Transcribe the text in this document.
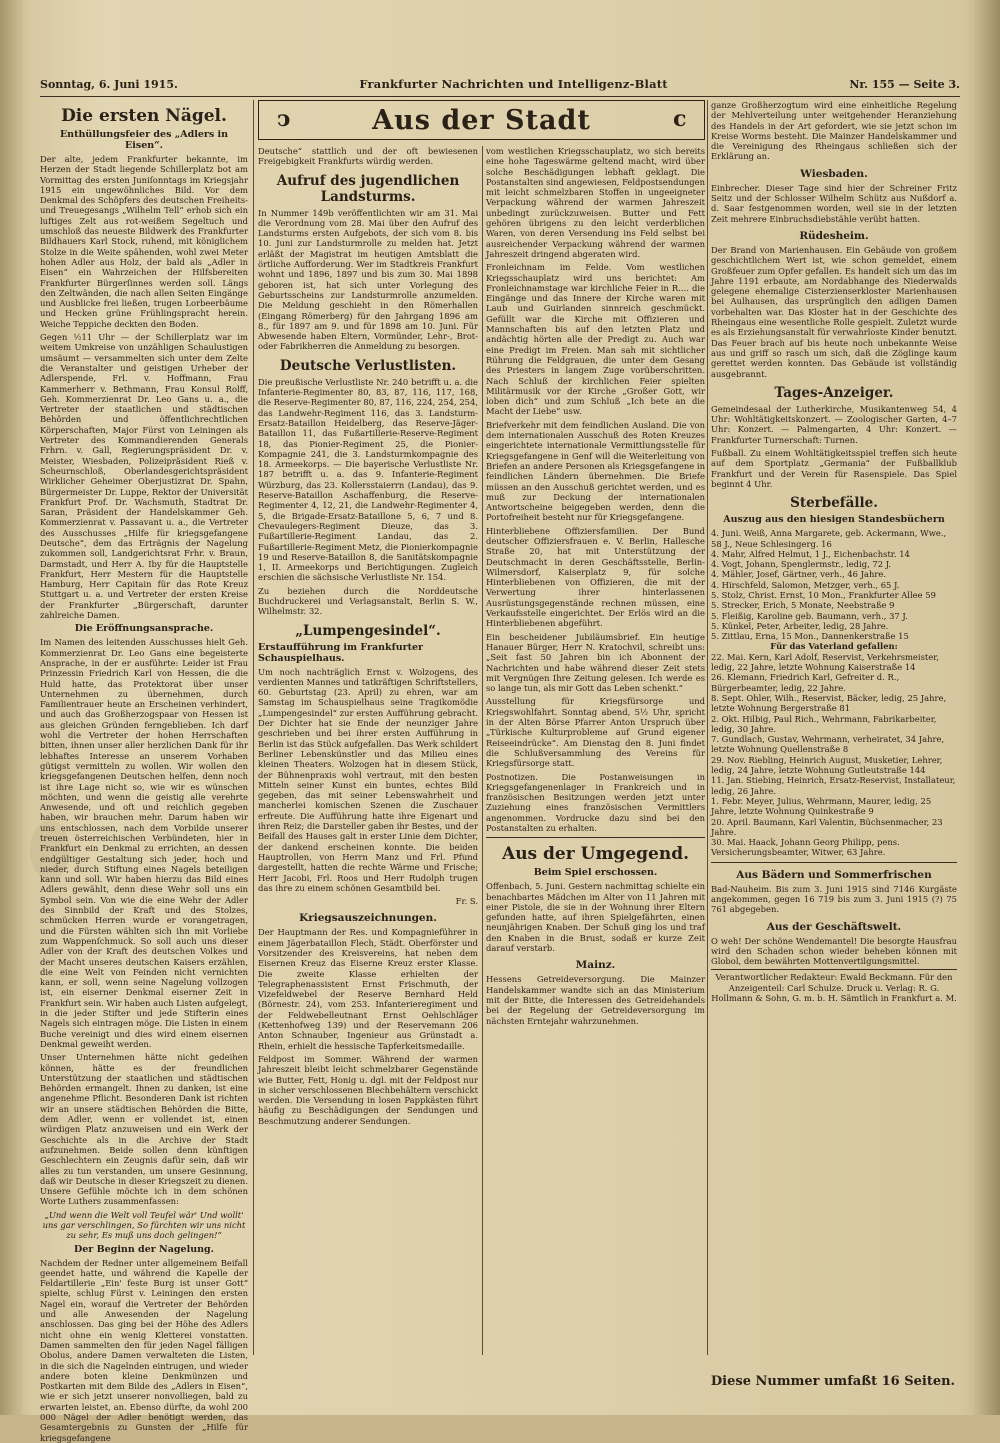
Sonntag, 6. Juni 1915.	Frankfurter Nachrichten und Intelligenz-Blatt	Nr. 155 — Seite 3.
Die ersten Nägel.
Enthüllungsfeier des „Adlers in Eisen“.

Der alte, jedem Frankfurter bekannte, im Herzen der Stadt liegende Schillerplatz bot am Vormittag des ersten Juniſonntags im Kriegsjahr 1915 ein ungewöhnliches Bild. Vor dem Denkmal des Schöpfers des deutschen Freiheits- und Treuegesangs „Wilhelm Tell“ erhob sich ein luftiges Zelt aus rot-weißem Segeltuch und umschloß das neueste Bildwerk des Frankfurter Bildhauers Karl Stock, ruhend, mit königlichem Stolze in die Weite spähenden, wohl zwei Meter hohen Adler aus Holz, der bald als „Adler in Eisen“ ein Wahrzeichen der Hilfsbereiten Frankfurter Bürgerſinnes werden soll. Längs den Zeltwänden, die nach allen Seiten Eingänge und Ausblicke frei ließen, trugen Lorbeerbäume und Hecken grüne Frühlingspracht herein. Weiche Teppiche deckten den Boden.

Gegen ½11 Uhr — der Schillerplatz war im weitem Umkreise von unzähligen Schaulustigen umsäumt — versammelten sich unter dem Zelte die Veranstalter und geistigen Urheber der Adlerspende, Frl. v. Hoffmann, Frau Kammerherr v. Bethmann, Frau Konsul Rolff, Geh. Kommerzienrat Dr. Leo Gans u. a., die Vertreter der staatlichen und städtischen Behörden und öffentlichrechtlichen Körperschaften, Major Fürst von Leiningen als Vertreter des Kommandierenden Generals Frhrn. v. Gall, Regierungspräsident Dr. v. Meister, Wiesbaden, Polizeipräsident Rieß v. Scheurnschloß, Oberlandesgerichtspräsident Wirklicher Geheimer Oberjustizrat Dr. Spahn, Bürgermeister Dr. Luppe, Rektor der Universität Frankfurt Prof. Dr. Wachsmuth, Stadtrat Dr. Saran, Präsident der Handelskammer Geh. Kommerzienrat v. Passavant u. a., die Vertreter des Ausschusses „Hilfe für kriegsgefangene Deutsche“, dem das Erträgnis der Nagelung zukommen soll, Landgerichtsrat Frhr. v. Braun, Darmstadt, und Herr A. Iby für die Hauptstelle Frankfurt, Herr Mestern für die Hauptstelle Hamburg, Herr Capitain für das Rote Kreuz Stuttgart u. a. und Vertreter der ersten Kreise der Frankfurter „Bürgerschaft, darunter zahlreiche Damen.

Die Eröffnungsansprache.

Im Namen des leitenden Ausschusses hielt Geh. Kommerzienrat Dr. Leo Gans eine begeisterte Ansprache, in der er ausführte: Leider ist Frau Prinzessin Friedrich Karl von Hessen, die die Huld hatte, das Protektorat über unser Unternehmen zu übernehmen, durch Familientrauer heute an Erscheinen verhindert, und auch das Großherzogspaar von Hessen ist aus gleichen Gründen ferngeblieben. Ich darf wohl die Vertreter der hohen Herrschaften bitten, ihnen unser aller herzlichen Dank für ihr lebhaftes Interesse an unserem Vorhaben gütigst vermitteln zu wollen. Wir wollen den kriegsgefangenen Deutschen helfen, denn noch ist ihre Lage nicht so, wie wir es wünschen möchten, und wenn die geistig alle verehrte Anwesende, und oft und reichlich gegeben haben, wir brauchen mehr. Darum haben wir uns entschlossen, nach dem Vorbilde unserer treuen österreichischen Verbündeten, hier in Frankfurt ein Denkmal zu errichten, an dessen endgültiger Gestaltung sich jeder, hoch und nieder, durch Stiftung eines Nagels beteiligen kann und soll. Wir haben hierzu das Bild eines Adlers gewählt, denn diese Wehr soll uns ein Symbol sein. Von wie die eine Wehr der Adler des Sinnbild der Kraft und des Stolzes, schmücken Herren wurde er vorangetragen, und die Fürsten wählten sich ihn mit Vorliebe zum Wappenſchmuck. So soll auch uns dieser Adler von der Kraft des deutschen Volkes und der Macht unseres deutschen Kaisers erzählen, die eine Welt von Feinden nicht vernichten kann, er soll, wenn seine Nagelung vollzogen ist, ein eiserner Denkmal eiserner Zeit in Frankfurt sein. Wir haben auch Listen aufgelegt, in die jeder Stifter und jede Stifterin eines Nagels sich eintragen möge. Die Listen in einem Buche vereinigt und dies wird einem eisernen Denkmal geweiht werden.

Unser Unternehmen hätte nicht gedeihen können, hätte es der freundlichen Unterstützung der staatlichen und städtischen Behörden ermangelt. Ihnen zu danken, ist eine angenehme Pflicht. Besonderen Dank ist richten wir an unsere städtischen Behörden die Bitte, dem Adler, wenn er vollendet ist, einen würdigen Platz anzuweisen und ein Werk der Geschichte als in die Archive der Stadt aufzunehmen. Beide sollen denn künftigen Geschlechtern ein Zeugnis dafür sein, daß wir alles zu tun verstanden, um unsere Gesinnung, daß wir Deutsche in dieser Kriegszeit zu dienen. Unsere Gefühle möchte ich in dem schönen Worte Luthers zusammenfassen:

„Und wenn die Welt voll Teufel wär' Und wollt' uns gar verschlingen, So fürchten wir uns nicht zu sehr, Es muß uns doch gelingen!“

Der Beginn der Nagelung.

Nachdem der Redner unter allgemeinem Beifall geendet hatte, und während die Kapelle der Feldartillerie „Ein' feste Burg ist unser Gott“ spielte, schlug Fürst v. Leiningen den ersten Nagel ein, worauf die Vertreter der Behörden und alle Anwesenden der Nagelung anschlossen. Das ging bei der Höhe des Adlers nicht ohne ein wenig Kletterei vonstatten. Damen sammelten den für jeden Nagel fälligen Obolus, andere Damen verwalteten die Listen, in die sich die Nagelnden eintrugen, und wieder andere boten kleine Denkmünzen und Postkarten mit dem Bilde des „Adlers in Eisen“, wie er sich jetzt unserer nonvolliegen, bald zu erwarten leistet, an. Ebenso dürfte, da wohl 200 000 Nägel der Adler benötigt werden, das Gesamtergebnis zu Gunsten der „Hilfe für kriegsgefangene

ↄ	Aus der Stadt	ↄ

Deutsche“ stattlich und der oft bewiesenen Freigebigkeit Frankfurts würdig werden.

Aufruf des jugendlichen Landsturms.

In Nummer 149b veröffentlichten wir am 31. Mai die Verordnung vom 28. Mai über den Aufruf des Landsturms ersten Aufgebots, der sich vom 8. bis 10. Juni zur Landsturmrolle zu melden hat. Jetzt erläßt der Magistrat im heutigen Amtsblatt die örtliche Aufforderung. Wer im Stadtkreis Frankfurt wohnt und 1896, 1897 und bis zum 30. Mai 1898 geboren ist, hat sich unter Vorlegung des Geburtsscheins zur Landsturmrolle anzumelden. Die Meldung geschieht in den Römerhallen (Eingang Römerberg) für den Jahrgang 1896 am 8., für 1897 am 9. und für 1898 am 10. Juni. Für Abwesende haben Eltern, Vormünder, Lehr-, Brot- oder Fabrikherren die Anmeldung zu besorgen.

Deutsche Verlustlisten.

Die preußische Verlustliste Nr. 240 betrifft u. a. die Infanterie-Regimenter 80, 83, 87, 116, 117, 168, die Reserve-Regimenter 80, 87, 116, 224, 254, 254, das Landwehr-Regiment 116, das 3. Landsturm-Ersatz-Bataillon Heidelberg, das Reserve-Jäger-Bataillon 11, das Fußartillerie-Reserve-Regiment 18, das Pionier-Regiment 25, die Pionier-Kompagnie 241, die 3. Landsturmkompagnie des 18. Armeekorps. — Die bayerische Verlustliste Nr. 187 betrifft u. a. das 9. Infanterie-Regiment Würzburg, das 23. Kollersstaierrn (Landau), das 9. Reserve-Bataillon Aschaffenburg, die Reserve-Regimenter 4, 12, 21, die Landwehr-Regimenter 4, 5, die Brigade-Ersatz-Bataillone 5, 6, 7 und 8. Chevaulegers-Regiment Dieuze, das 3. Fußartillerie-Regiment Landau, das 2. Fußartillerie-Regiment Metz, die Pionierkompagnie 19 und Reserve-Bataillon 8, die Sanitätskompagnie 1, II. Armeekorps und Berichtigungen. Zugleich erschien die sächsische Verlustliste Nr. 154.

Zu beziehen durch die Norddeutsche Buchdruckerei und Verlagsanstalt, Berlin S. W., Wilhelmstr. 32.

„Lumpengesindel“.
Erstaufführung im Frankfurter Schauspielhaus.

Um noch nachträglich Ernst v. Wolzogens, des verdienten Mannes und tatkräftigen Schriftstellers, 60. Geburtstag (23. April) zu ehren, war am Samstag im Schauspielhaus seine Tragikomödie „Lumpengesindel“ zur ersten Aufführung gebracht. Der Dichter hat sie Ende der neunziger Jahre geschrieben und bei ihrer ersten Aufführung in Berlin ist das Stück aufgefallen. Das Werk schildert Berliner Lebenskünstler und das Milieu eines kleinen Theaters. Wolzogen hat in diesem Stück, der Bühnenpraxis wohl vertraut, mit den besten Mitteln seiner Kunst ein buntes, echtes Bild gegeben, das mit seiner Lebenswahrheit und mancherlei komischen Szenen die Zuschauer erfreute. Die Aufführung hatte ihre Eigenart und ihren Reiz; die Darsteller gaben ihr Bestes, und der Beifall des Hauses galt in erster Linie dem Dichter, der dankend erscheinen konnte. Die beiden Hauptrollen, von Herrn Manz und Frl. Pfund dargestellt, hatten die rechte Wärme und Frische; Herr Jacobi, Frl. Roos und Herr Rudolph trugen das ihre zu einem schönen Gesamtbild bei.

Fr. S.

Kriegsauszeichnungen.

Der Hauptmann der Res. und Kompagnieführer in einem Jägerbataillon Flech, Städt. Oberförster und Vorsitzender des Kreisvereins, hat neben dem Eisernen Kreuz das Eiserne Kreuz erster Klasse. Die zweite Klasse erhielten der Telegraphenassistent Ernst Frischmuth, der Vizefeldwebel der Reserve Bernhard Held (Börnestr. 24), vom 253. Infanterieregiment und der Feldwebelleutnant Ernst Oehlschläger (Kettenhofweg 139) und der Reservemann 206 Anton Schnauber, Ingenieur aus Grünstadt a. Rhein, erhielt die hessische Tapferkeitsmedaille.

Feldpost im Sommer. Während der warmen Jahreszeit bleibt leicht schmelzbarer Gegenstände wie Butter, Fett, Honig u. dgl. mit der Feldpost nur in sicher verschlossenen Blechbehältern verschickt werden. Die Versendung in losen Pappkästen führt häufig zu Beschädigungen der Sendungen und Beschmutzung anderer Sendungen.

vom westlichen Kriegsschauplatz, wo sich bereits eine hohe Tageswärme geltend macht, wird über solche Beschädigungen lebhaft geklagt. Die Postanstalten sind angewiesen, Feldpostsendungen mit leicht schmelzbaren Stoffen in ungeeigneter Verpackung während der warmen Jahreszeit unbedingt zurückzuweisen. Butter und Fett gehören übrigens zu den leicht verderblichen Waren, von deren Versendung ins Feld selbst bei ausreichender Verpackung während der warmen Jahreszeit dringend abgeraten wird.

Fronleichnam im Felde. Vom westlichen Kriegsschauplatz wird uns berichtet: Am Fronleichnamstage war kirchliche Feier in R.... die Eingänge und das Innere der Kirche waren mit Laub und Guirlanden sinnreich geschmückt. Gefüllt war die Kirche mit Offizieren und Mannschaften bis auf den letzten Platz und andächtig hörten alle der Predigt zu. Auch war eine Predigt im Freien. Man sah mit sichtlicher Rührung die Feldgrauen, die unter dem Gesang des Priesters in langem Zuge vorüberschritten. Nach Schluß der kirchlichen Feier spielten Militärmusik vor der Kirche „Großer Gott, wir loben dich“ und zum Schluß „Ich bete an die Macht der Liebe“ usw.

Briefverkehr mit dem feindlichen Ausland. Die von dem internationalen Ausschuß des Roten Kreuzes eingerichtete internationale Vermittlungsstelle für Kriegsgefangene in Genf will die Weiterleitung von Briefen an andere Personen als Kriegsgefangene in feindlichen Ländern übernehmen. Die Briefe müssen an den Ausschuß gerichtet werden, und es muß zur Deckung der internationalen Antwortscheine beigegeben werden, denn die Portofreiheit besteht nur für Kriegsgefangene.

Hinterbliebene Offiziersfamilien. Der Bund deutscher Offiziersfrauen e. V. Berlin, Hallesche Straße 20, hat mit Unterstützung der Deutschmacht in deren Geschäftsstelle, Berlin-Wilmersdorf, Kaiserplatz 9, für solche Hinterbliebenen von Offizieren, die mit der Verwertung ihrer hinterlassenen Ausrüstungsgegenstände rechnen müssen, eine Verkaufsstelle eingerichtet. Der Erlös wird an die Hinterbliebenen abgeführt.

Ein bescheidener Jubiläumsbrief. Ein heutige Hanauer Bürger, Herr N. Kratochvil, schreibt uns: „Seit fast 50 Jahren bin ich Abonnent der Nachrichten und habe während dieser Zeit stets mit Vergnügen Ihre Zeitung gelesen. Ich werde es so lange tun, als mir Gott das Leben schenkt.“

Ausstellung für Kriegsfürsorge und Kriegswohlfahrt. Sonntag abend, 5½ Uhr, spricht in der Alten Börse Pfarrer Anton Urspruch über „Türkische Kulturprobleme auf Grund eigener Reiseeindrücke“. Am Dienstag den 8. Juni findet die Schlußversammlung des Vereins für Kriegsfürsorge statt.

Postnotizen. Die Postanweisungen in Kriegsgefangenenlager in Frankreich und in französischen Besitzungen werden jetzt unter Zuziehung eines französischen Vermittlers angenommen. Vordrucke dazu sind bei den Postanstalten zu erhalten.

Aus der Umgegend.
Beim Spiel erschossen.

Offenbach, 5. Juni. Gestern nachmittag schielte ein benachbartes Mädchen im Alter von 11 Jahren mit einer Pistole, die sie in der Wohnung ihrer Eltern gefunden hatte, auf ihren Spielgefährten, einen neunjährigen Knaben. Der Schuß ging los und traf den Knaben in die Brust, sodaß er kurze Zeit darauf verstarb.

Mainz.

Hessens Getreideversorgung. Die Mainzer Handelskammer wandte sich an das Ministerium mit der Bitte, die Interessen des Getreidehandels bei der Regelung der Getreideversorgung im nächsten Erntejahr wahrzunehmen.

ganze Großherzogtum wird eine einheitliche Regelung der Mehlverteilung unter weitgehender Heranziehung des Handels in der Art gefordert, wie sie jetzt schon im Kreise Worms besteht. Die Mainzer Handelskammer und die Vereinigung des Rheingaus schließen sich der Erklärung an.

Wiesbaden.

Einbrecher. Dieser Tage sind hier der Schreiner Fritz Seitz und der Schlosser Wilhelm Schütz aus Nußdorf a. d. Saar festgenommen worden, weil sie in der letzten Zeit mehrere Einbruchsdiebstähle verübt hatten.

Rüdesheim.

Der Brand von Marienhausen. Ein Gebäude von großem geschichtlichem Wert ist, wie schon gemeldet, einem Großfeuer zum Opfer gefallen. Es handelt sich um das im Jahre 1191 erbaute, am Nordabhange des Niederwalds gelegene ehemalige Cisterzienserkloster Marienhausen bei Aulhausen, das ursprünglich den adligen Damen vorbehalten war. Das Kloster hat in der Geschichte des Rheingaus eine wesentliche Rolle gespielt. Zuletzt wurde es als Erziehungsanstalt für verwahrloste Kinder benutzt. Das Feuer brach auf bis heute noch unbekannte Weise aus und griff so rasch um sich, daß die Zöglinge kaum gerettet werden konnten. Das Gebäude ist vollständig ausgebrannt.

Tages-Anzeiger.

Gemeindesaal der Lutherkirche, Musikantenweg 54, 4 Uhr: Wohltätigkeitskonzert. — Zoologischer Garten, 4–7 Uhr: Konzert. — Palmengarten, 4 Uhr: Konzert. — Frankfurter Turnerschaft: Turnen.

Fußball. Zu einem Wohltätigkeitsspiel treffen sich heute auf dem Sportplatz „Germania“ der Fußballklub Frankfurt und der Verein für Rasenspiele. Das Spiel beginnt 4 Uhr.

Sterbefälle.
Auszug aus den hiesigen Standesbüchern

4. Juni. Weiß, Anna Margarete, geb. Ackermann, Wwe., 58 J., Neue Schlesingerg. 16

4. Mahr, Alfred Helmut, 1 J., Eichenbachstr. 14

4. Vogt, Johann, Spenglermstr., ledig, 72 J.

4. Mähler, Josef, Gärtner, verh., 46 Jahre.

4. Hirschfeld, Salomon, Metzger, verh., 65 J.

5. Stolz, Christ. Ernst, 10 Mon., Frankfurter Allee 59

5. Strecker, Erich, 5 Monate, Neebstraße 9

5. Fleißig, Karoline geb. Baumann, verh., 37 J.

5. Künkel, Peter, Arbeiter, ledig, 28 Jahre.

5. Zittlau, Erna, 15 Mon., Dannenkerstraße 15

Für das Vaterland gefallen:

22. Mai. Kern, Karl Adolf, Reservist, Verkehrsmeister, ledig, 22 Jahre, letzte Wohnung Kaiserstraße 14

26. Klemann, Friedrich Karl, Gefreiter d. R., Bürgerbeamter, ledig, 22 Jahre.

8. Sept. Ohler, Wilh., Reservist, Bäcker, ledig, 25 Jahre, letzte Wohnung Bergerstraße 81

2. Okt. Hilbig, Paul Rich., Wehrmann, Fabrikarbeiter, ledig, 30 Jahre.

7. Gundlach, Gustav, Wehrmann, verheiratet, 34 Jahre, letzte Wohnung Quellenstraße 8

29. Nov. Riebling, Heinrich August, Musketier, Lehrer, ledig, 24 Jahre, letzte Wohnung Gutleutstraße 144

11. Jan. Stiebing, Heinrich, Ersatz-Reservist, Installateur, ledig, 26 Jahre.

1. Febr. Meyer, Julius, Wehrmann, Maurer, ledig, 25 Jahre, letzte Wohnung Quinkestraße 9

20. April. Baumann, Karl Valentin, Büchsenmacher, 23 Jahre.

30. Mai. Haack, Johann Georg Philipp, pens. Versicherungsbeamter, Witwer, 63 Jahre.

Aus Bädern und Sommerfrischen

Bad-Nauheim. Bis zum 3. Juni 1915 sind 7146 Kurgäste angekommen, gegen 16 719 bis zum 3. Juni 1915 (?) 75 761 abgegeben.

Aus der Geschäftswelt.

O weh! Der schöne Wendemantel! Die besorgte Hausfrau wird den Schaden schon wieder beheben können mit Globol, dem bewährten Mottenvertilgungsmittel.

Verantwortlicher Redakteur: Ewald Beckmann. Für den Anzeigenteil: Carl Schulze. Druck u. Verlag: R. G. Hollmann & Sohn, G. m. b. H. Sämtlich in Frankfurt a. M.

Diese Nummer umfaßt 16 Seiten.
